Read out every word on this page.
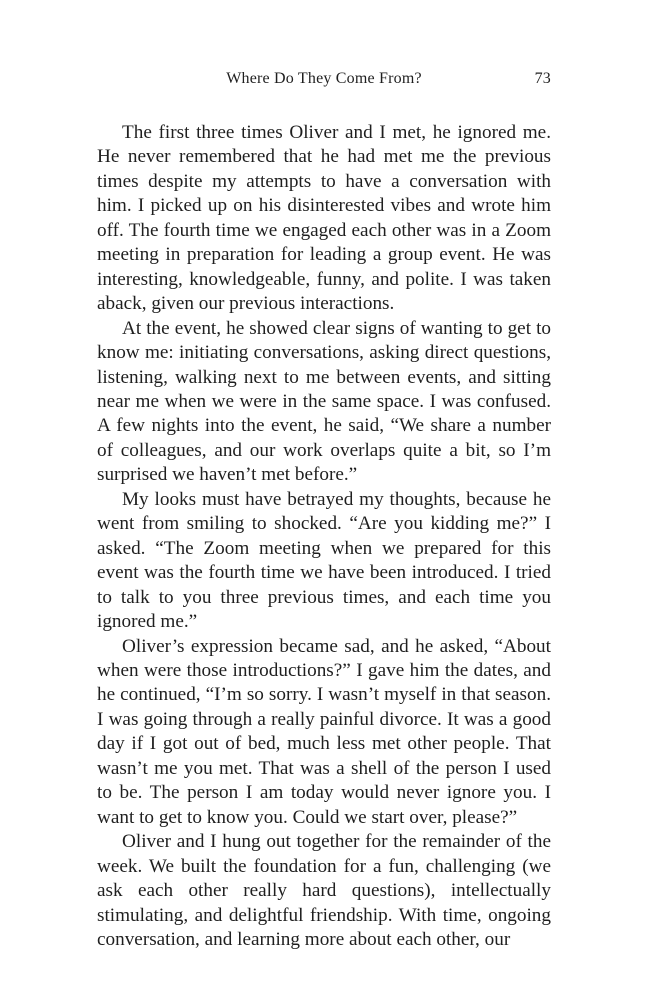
Where Do They Come From?	73

The first three times Oliver and I met, he ignored me. He never remembered that he had met me the previous times despite my attempts to have a conversation with him. I picked up on his disinterested vibes and wrote him off. The fourth time we engaged each other was in a Zoom meeting in preparation for leading a group event. He was interesting, knowledgeable, funny, and polite. I was taken aback, given our previous interactions.

At the event, he showed clear signs of wanting to get to know me: initiating conversations, asking direct questions, listening, walking next to me between events, and sitting near me when we were in the same space. I was confused. A few nights into the event, he said, “We share a number of colleagues, and our work overlaps quite a bit, so I’m surprised we haven’t met before.”

My looks must have betrayed my thoughts, because he went from smiling to shocked. “Are you kidding me?” I asked. “The Zoom meeting when we prepared for this event was the fourth time we have been introduced. I tried to talk to you three previous times, and each time you ignored me.”

Oliver’s expression became sad, and he asked, “About when were those introductions?” I gave him the dates, and he continued, “I’m so sorry. I wasn’t myself in that season. I was going through a really painful divorce. It was a good day if I got out of bed, much less met other people. That wasn’t me you met. That was a shell of the person I used to be. The person I am today would never ignore you. I want to get to know you. Could we start over, please?”

Oliver and I hung out together for the remainder of the week. We built the foundation for a fun, challenging (we ask each other really hard questions), intellectually stimulating, and delightful friendship. With time, ongoing conversation, and learning more about each other, our
